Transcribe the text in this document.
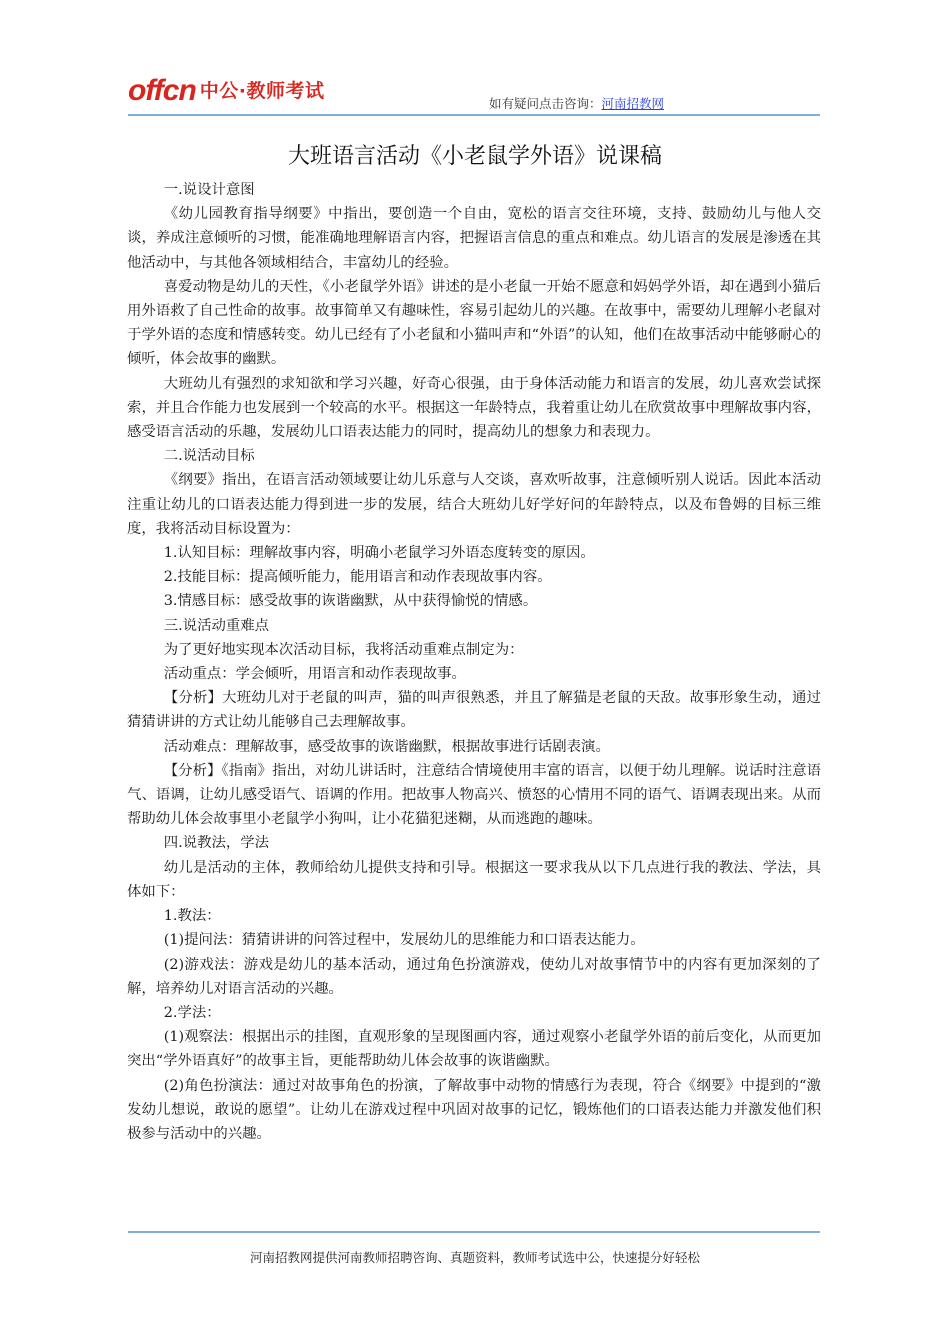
offcn 中公·教师考试
如有疑问点击咨询：河南招教网
大班语言活动《小老鼠学外语》说课稿

一.说设计意图

《幼儿园教育指导纲要》中指出，要创造一个自由，宽松的语言交往环境，支持、鼓励幼儿与他人交谈，养成注意倾听的习惯，能准确地理解语言内容，把握语言信息的重点和难点。幼儿语言的发展是渗透在其他活动中，与其他各领域相结合，丰富幼儿的经验。

喜爱动物是幼儿的天性，《小老鼠学外语》讲述的是小老鼠一开始不愿意和妈妈学外语，却在遇到小猫后用外语救了自己性命的故事。故事简单又有趣味性，容易引起幼儿的兴趣。在故事中，需要幼儿理解小老鼠对于学外语的态度和情感转变。幼儿已经有了小老鼠和小猫叫声和“外语”的认知，他们在故事活动中能够耐心的倾听，体会故事的幽默。

大班幼儿有强烈的求知欲和学习兴趣，好奇心很强，由于身体活动能力和语言的发展，幼儿喜欢尝试探索，并且合作能力也发展到一个较高的水平。根据这一年龄特点，我着重让幼儿在欣赏故事中理解故事内容，感受语言活动的乐趣，发展幼儿口语表达能力的同时，提高幼儿的想象力和表现力。

二.说活动目标

《纲要》指出，在语言活动领域要让幼儿乐意与人交谈，喜欢听故事，注意倾听别人说话。因此本活动注重让幼儿的口语表达能力得到进一步的发展，结合大班幼儿好学好问的年龄特点，以及布鲁姆的目标三维度，我将活动目标设置为：

1.认知目标：理解故事内容，明确小老鼠学习外语态度转变的原因。

2.技能目标：提高倾听能力，能用语言和动作表现故事内容。

3.情感目标：感受故事的诙谐幽默，从中获得愉悦的情感。

三.说活动重难点

为了更好地实现本次活动目标，我将活动重难点制定为：

活动重点：学会倾听，用语言和动作表现故事。

【分析】大班幼儿对于老鼠的叫声，猫的叫声很熟悉，并且了解猫是老鼠的天敌。故事形象生动，通过猜猜讲讲的方式让幼儿能够自己去理解故事。

活动难点：理解故事，感受故事的诙谐幽默，根据故事进行话剧表演。

【分析】《指南》指出，对幼儿讲话时，注意结合情境使用丰富的语言，以便于幼儿理解。说话时注意语气、语调，让幼儿感受语气、语调的作用。把故事人物高兴、愤怒的心情用不同的语气、语调表现出来。从而帮助幼儿体会故事里小老鼠学小狗叫，让小花猫犯迷糊，从而逃跑的趣味。

四.说教法，学法

幼儿是活动的主体，教师给幼儿提供支持和引导。根据这一要求我从以下几点进行我的教法、学法，具体如下：

1.教法：

(1)提问法：猜猜讲讲的问答过程中，发展幼儿的思维能力和口语表达能力。

(2)游戏法：游戏是幼儿的基本活动，通过角色扮演游戏，使幼儿对故事情节中的内容有更加深刻的了解，培养幼儿对语言活动的兴趣。

2.学法：

(1)观察法：根据出示的挂图，直观形象的呈现图画内容，通过观察小老鼠学外语的前后变化，从而更加突出“学外语真好”的故事主旨，更能帮助幼儿体会故事的诙谐幽默。

(2)角色扮演法：通过对故事角色的扮演，了解故事中动物的情感行为表现，符合《纲要》中提到的“激发幼儿想说，敢说的愿望”。让幼儿在游戏过程中巩固对故事的记忆，锻炼他们的口语表达能力并激发他们积极参与活动中的兴趣。

河南招教网提供河南教师招聘咨询、真题资料，教师考试选中公，快速提分好轻松
